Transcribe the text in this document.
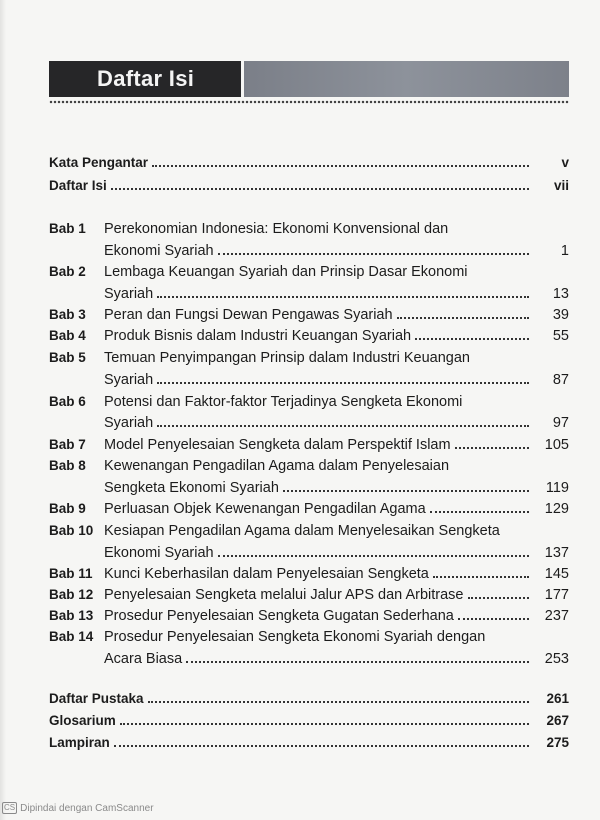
Daftar Isi
Kata Pengantar	v
Daftar Isi	vii
Bab 1 Perekonomian Indonesia: Ekonomi Konvensional dan
Ekonomi Syariah	1
Bab 2 Lembaga Keuangan Syariah dan Prinsip Dasar Ekonomi
Syariah	13
Bab 3 Peran dan Fungsi Dewan Pengawas Syariah	39
Bab 4 Produk Bisnis dalam Industri Keuangan Syariah	55
Bab 5 Temuan Penyimpangan Prinsip dalam Industri Keuangan
Syariah	87
Bab 6 Potensi dan Faktor-faktor Terjadinya Sengketa Ekonomi
Syariah	97
Bab 7 Model Penyelesaian Sengketa dalam Perspektif Islam	105
Bab 8 Kewenangan Pengadilan Agama dalam Penyelesaian
Sengketa Ekonomi Syariah	119
Bab 9 Perluasan Objek Kewenangan Pengadilan Agama	129
Bab 10 Kesiapan Pengadilan Agama dalam Menyelesaikan Sengketa
Ekonomi Syariah	137
Bab 11 Kunci Keberhasilan dalam Penyelesaian Sengketa	145
Bab 12 Penyelesaian Sengketa melalui Jalur APS dan Arbitrase	177
Bab 13 Prosedur Penyelesaian Sengketa Gugatan Sederhana	237
Bab 14 Prosedur Penyelesaian Sengketa Ekonomi Syariah dengan
Acara Biasa	253
Daftar Pustaka	261
Glosarium	267
Lampiran	275
CS Dipindai dengan CamScanner
